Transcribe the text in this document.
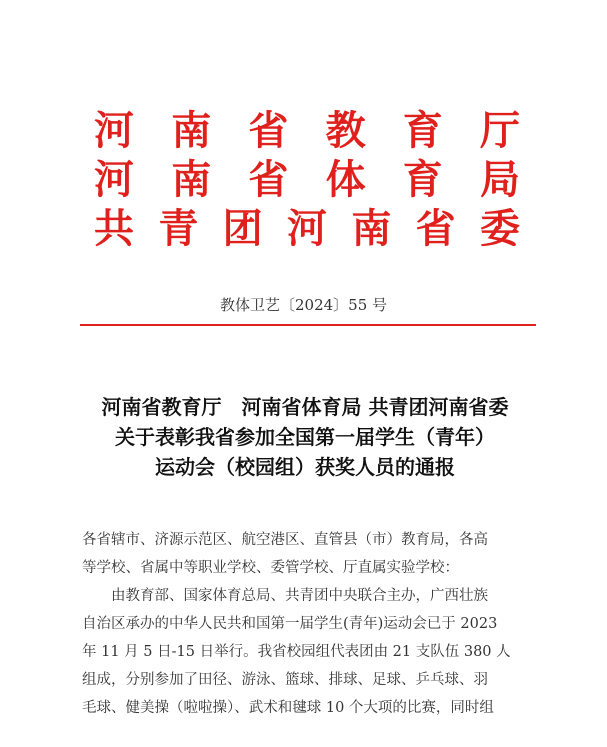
河 南 省 教 育 厅
河 南 省 体 育 局
共 青 团 河 南 省 委
教体卫艺〔2024〕55 号
河南省教育厅　河南省体育局 共青团河南省委
关于表彰我省参加全国第一届学生（青年）
运动会（校园组）获奖人员的通报

各省辖市、济源示范区、航空港区、直管县（市）教育局，各高

等学校、省属中等职业学校、委管学校、厅直属实验学校：

由教育部、国家体育总局、共青团中央联合主办，广西壮族

自治区承办的中华人民共和国第一届学生(青年)运动会已于 2023

年 11 月 5 日-15 日举行。我省校园组代表团由 21 支队伍 380 人

组成，分别参加了田径、游泳、篮球、排球、足球、乒乓球、羽

毛球、健美操（啦啦操）、武术和毽球 10 个大项的比赛，同时组
